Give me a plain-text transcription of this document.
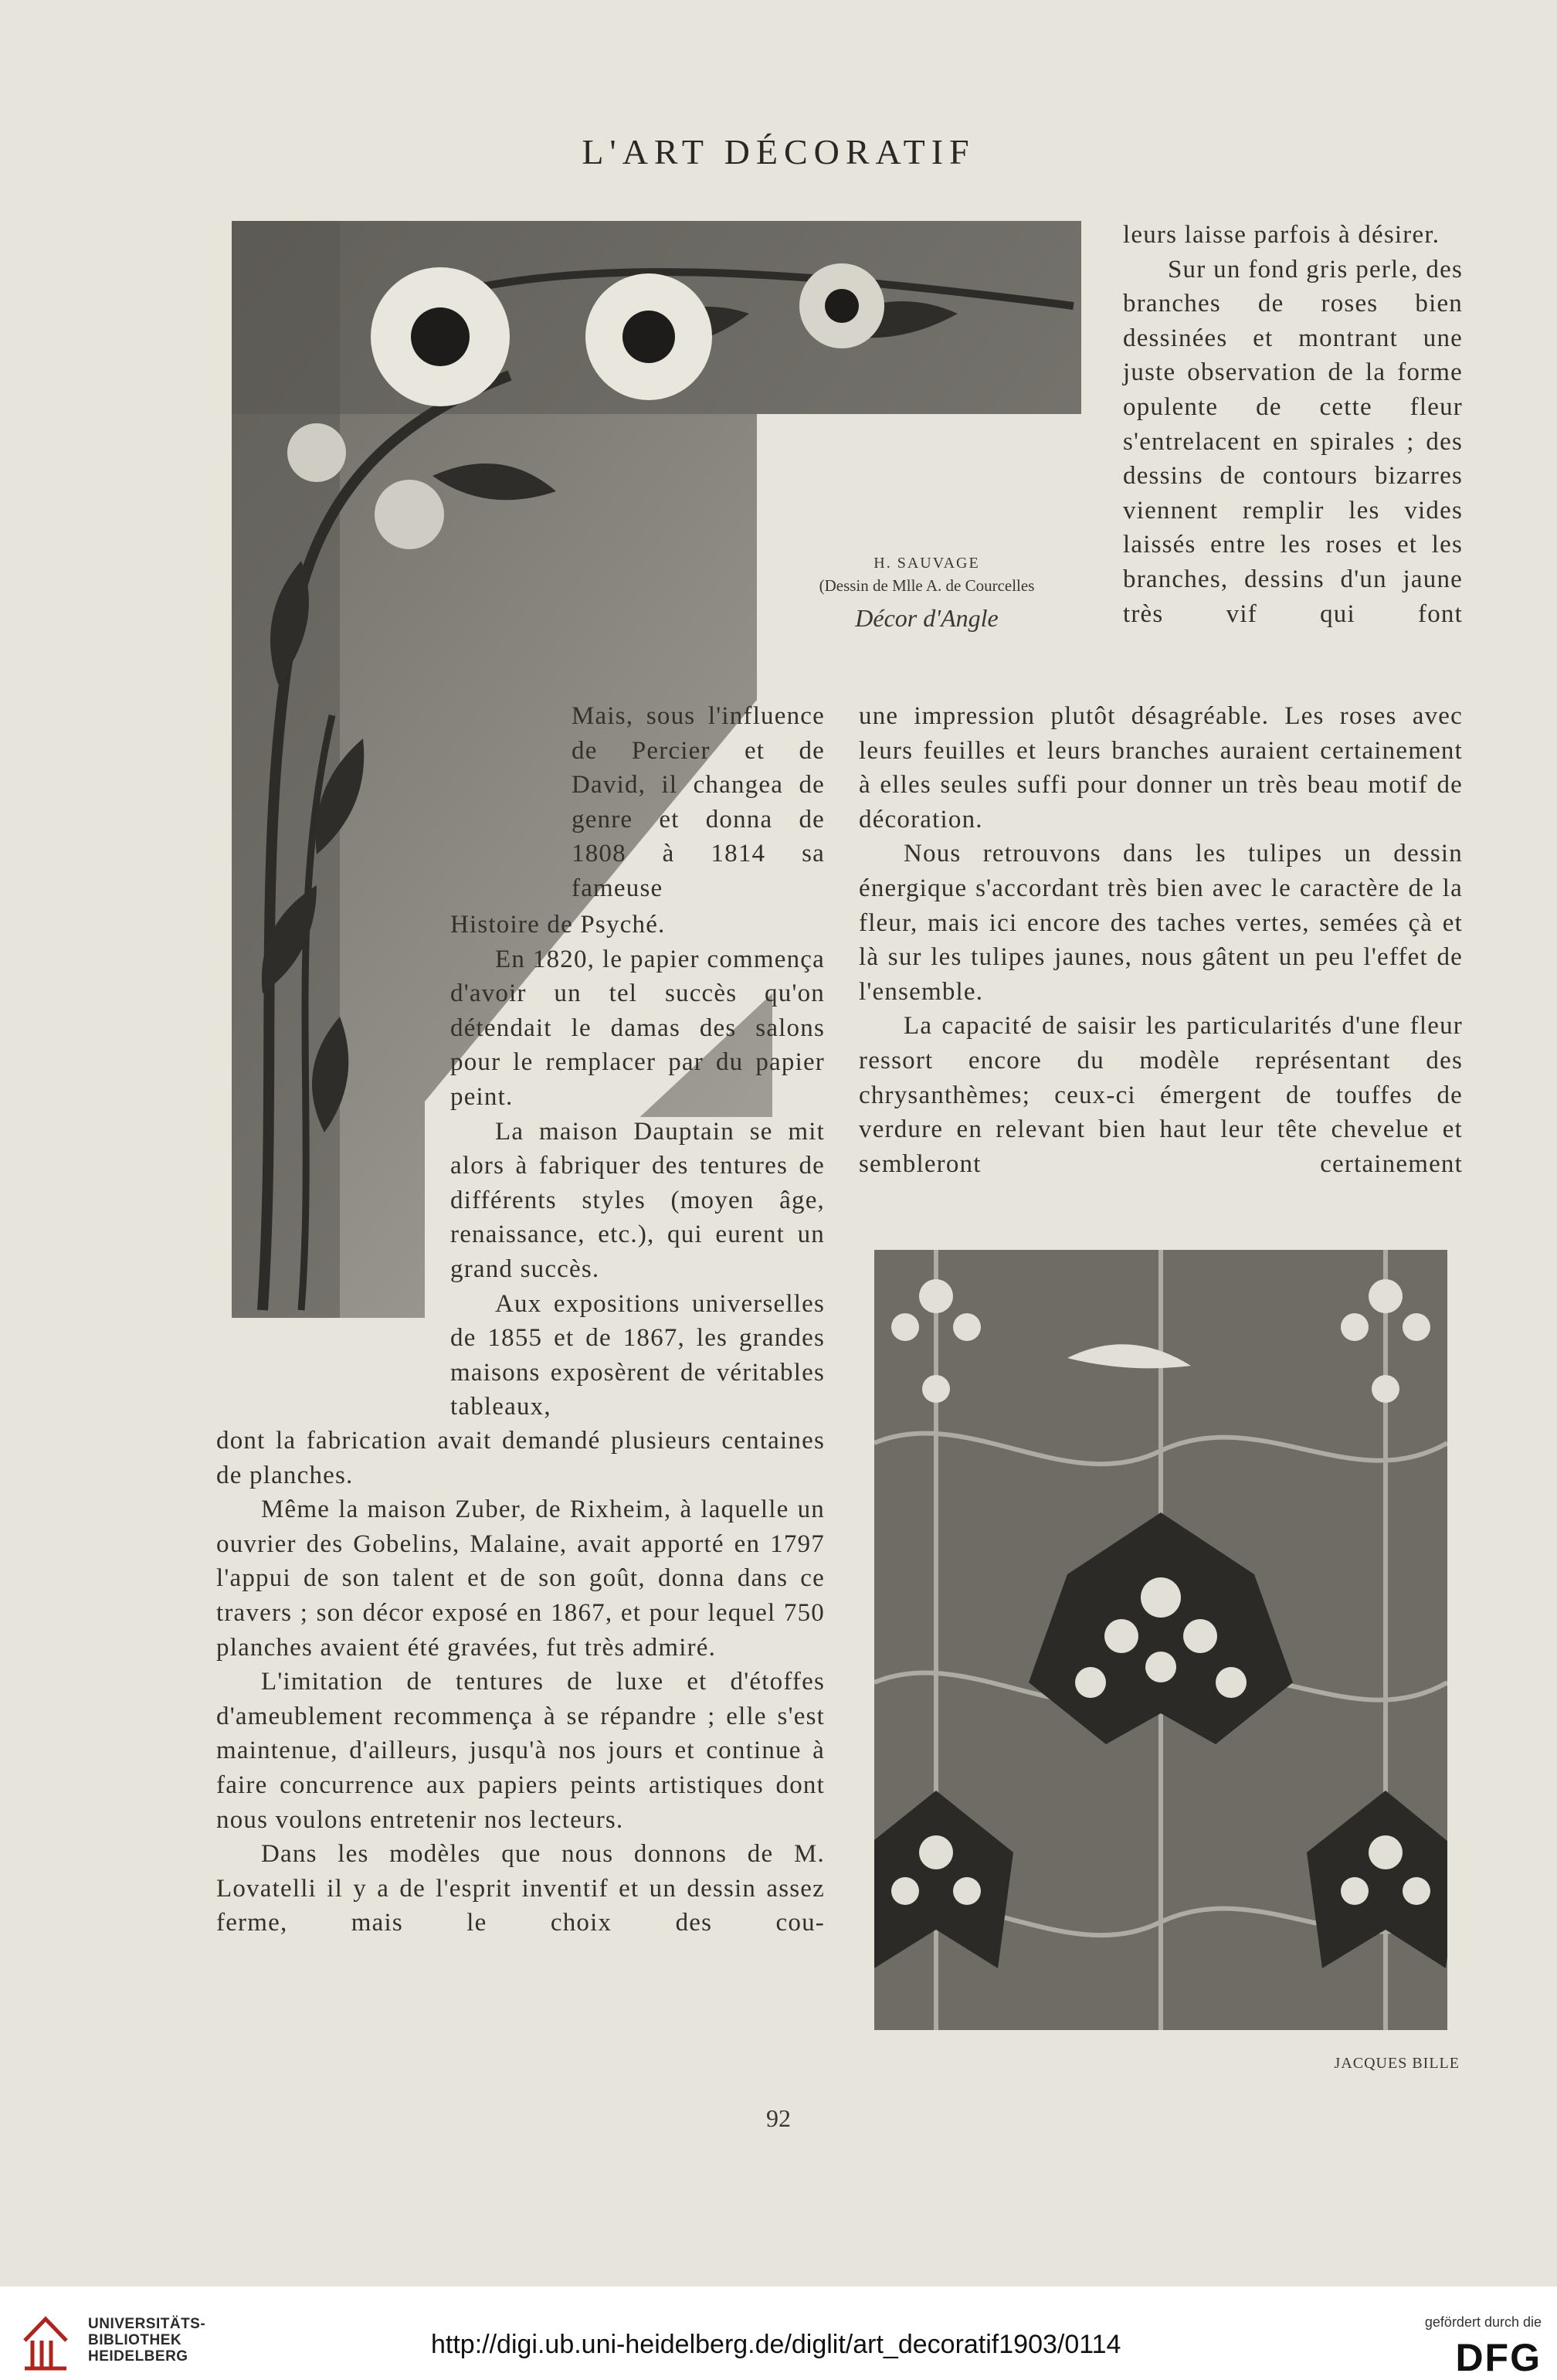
L'ART DÉCORATIF
H. SAUVAGE
(Dessin de Mlle A. de Courcelles
Décor d'Angle

leurs laisse parfois à désirer.

Sur un fond gris perle, des branches de roses bien dessinées et montrant une juste observation de la forme opulente de cette fleur s'entrelacent en spirales ; des dessins de contours bizarres viennent remplir les vides laissés entre les roses et les branches, dessins d'un jaune très vif qui font

une impression plutôt désagréable. Les roses avec leurs feuilles et leurs branches auraient certainement à elles seules suffi pour donner un très beau motif de décoration.

Nous retrouvons dans les tulipes un dessin énergique s'accordant très bien avec le caractère de la fleur, mais ici encore des taches vertes, semées çà et là sur les tulipes jaunes, nous gâtent un peu l'effet de l'ensemble.

La capacité de saisir les particularités d'une fleur ressort encore du modèle représentant des chrysanthèmes; ceux-ci émergent de touffes de verdure en relevant bien haut leur tête chevelue et sembleront certainement

Mais, sous l'influence de Percier et de David, il changea de genre et donna de 1808 à 1814 sa fameuse

Histoire de Psyché.

En 1820, le papier commença d'avoir un tel succès qu'on détendait le damas des salons pour le remplacer par du papier peint.

La maison Dauptain se mit alors à fabriquer des tentures de différents styles (moyen âge, renaissance, etc.), qui eurent un grand succès.

Aux expositions universelles de 1855 et de 1867, les grandes maisons exposèrent de véritables tableaux,

dont la fabrication avait demandé plusieurs centaines de planches.

Même la maison Zuber, de Rixheim, à laquelle un ouvrier des Gobelins, Malaine, avait apporté en 1797 l'appui de son talent et de son goût, donna dans ce travers ; son décor exposé en 1867, et pour lequel 750 planches avaient été gravées, fut très admiré.

L'imitation de tentures de luxe et d'étoffes d'ameublement recommença à se répandre ; elle s'est maintenue, d'ailleurs, jusqu'à nos jours et continue à faire concurrence aux papiers peints artistiques dont nous voulons entretenir nos lecteurs.

Dans les modèles que nous donnons de M. Lovatelli il y a de l'esprit inventif et un dessin assez ferme, mais le choix des cou-

JACQUES BILLE
92
UNIVERSITÄTS-
BIBLIOTHEK
HEIDELBERG	http://digi.ub.uni-heidelberg.de/diglit/art_decoratif1903/0114
gefördert durch die
DFG
